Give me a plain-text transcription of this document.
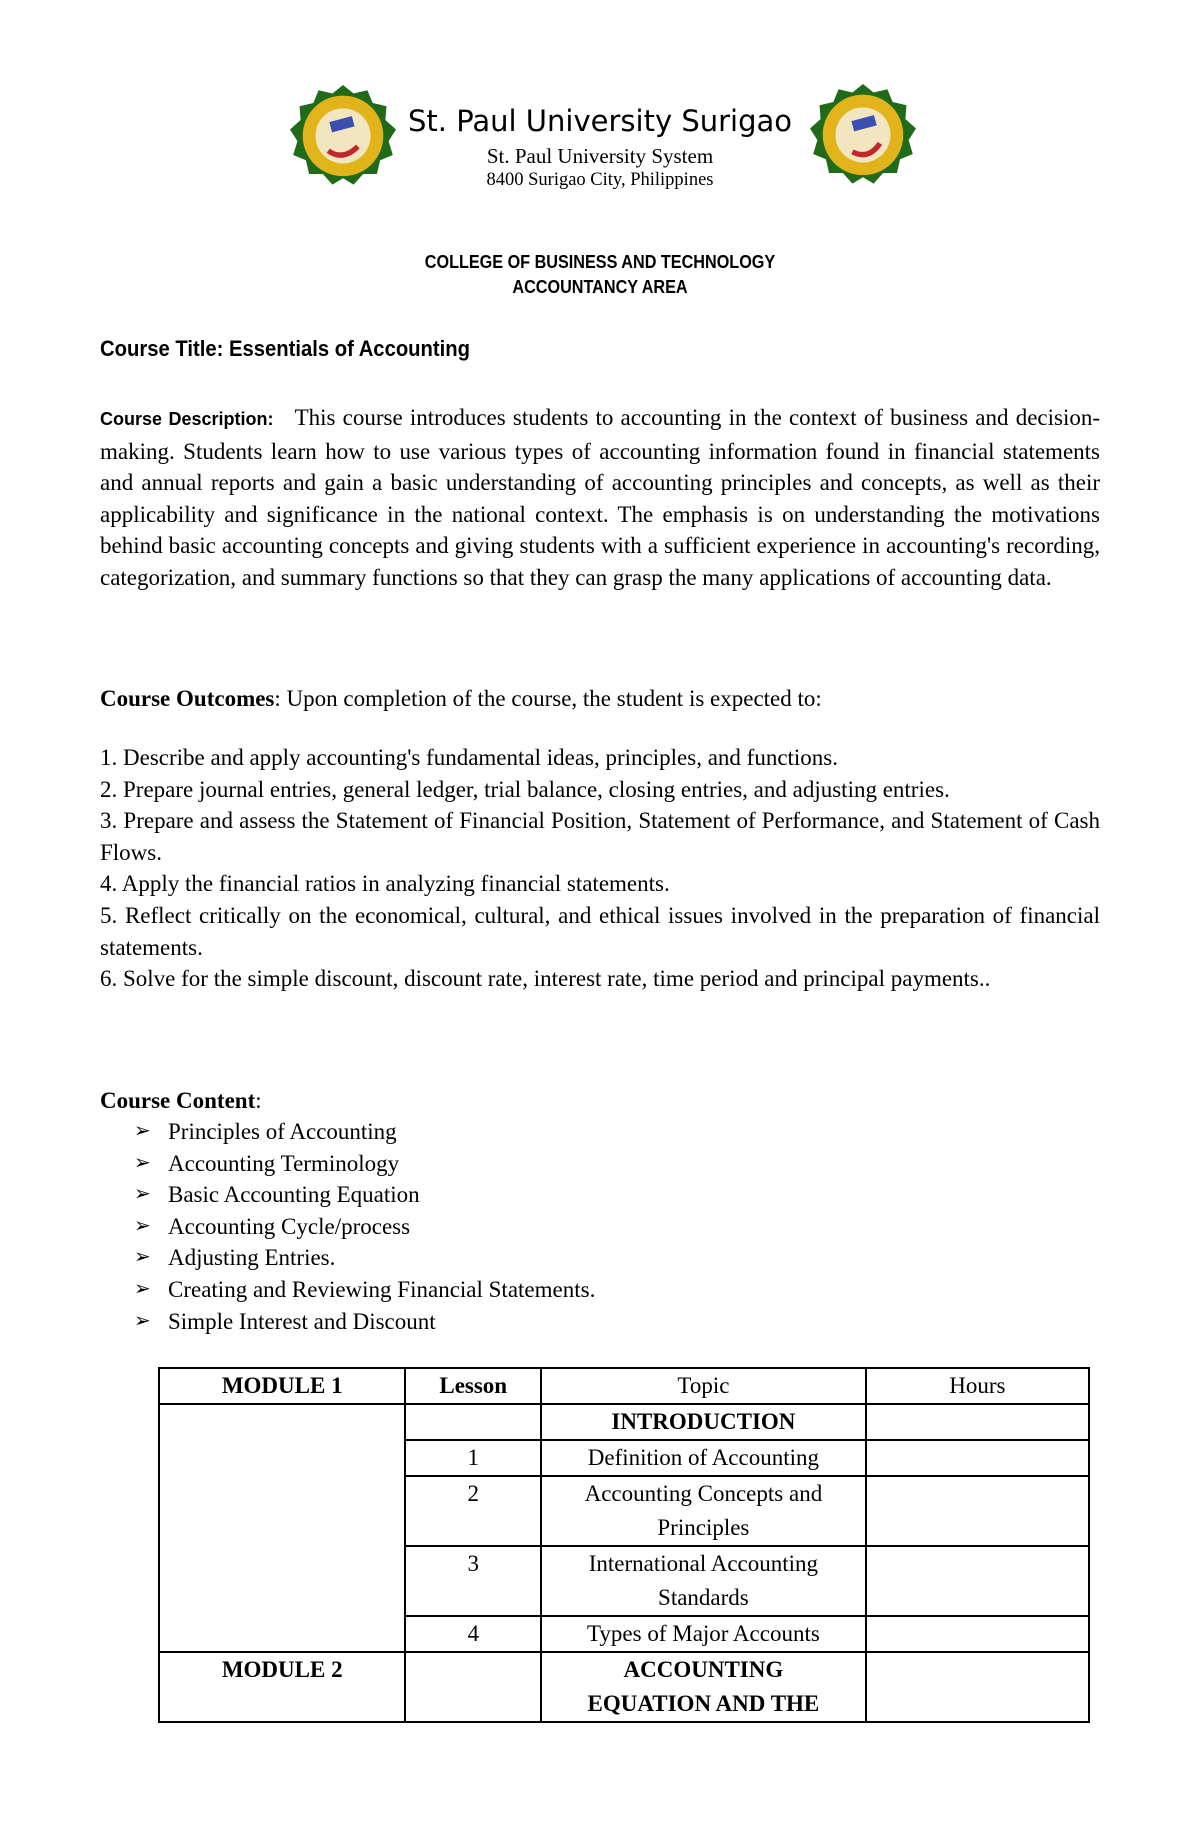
St. Paul University Surigao
St. Paul University System
8400 Surigao City, Philippines
COLLEGE OF BUSINESS AND TECHNOLOGY
ACCOUNTANCY AREA
Course Title: Essentials of Accounting
Course Description: This course introduces students to accounting in the context of business and decision-making. Students learn how to use various types of accounting information found in financial statements and annual reports and gain a basic understanding of accounting principles and concepts, as well as their applicability and significance in the national context. The emphasis is on understanding the motivations behind basic accounting concepts and giving students with a sufficient experience in accounting's recording, categorization, and summary functions so that they can grasp the many applications of accounting data.
Course Outcomes: Upon completion of the course, the student is expected to:

1. Describe and apply accounting's fundamental ideas, principles, and functions.

2. Prepare journal entries, general ledger, trial balance, closing entries, and adjusting entries.

3. Prepare and assess the Statement of Financial Position, Statement of Performance, and Statement of Cash Flows.

4. Apply the financial ratios in analyzing financial statements.

5. Reflect critically on the economical, cultural, and ethical issues involved in the preparation of financial statements.

6. Solve for the simple discount, discount rate, interest rate, time period and principal payments..

Course Content:
➢ Principles of Accounting
➢ Accounting Terminology
➢ Basic Accounting Equation
➢ Accounting Cycle/process
➢ Adjusting Entries.
➢ Creating and Reviewing Financial Statements.
➢ Simple Interest and Discount
MODULE 1	Lesson	Topic	Hours
		INTRODUCTION	
	1	Definition of Accounting	
	2	Accounting Concepts and Principles	
	3	International Accounting Standards	
	4	Types of Major Accounts	
MODULE 2		ACCOUNTING EQUATION AND THE	
